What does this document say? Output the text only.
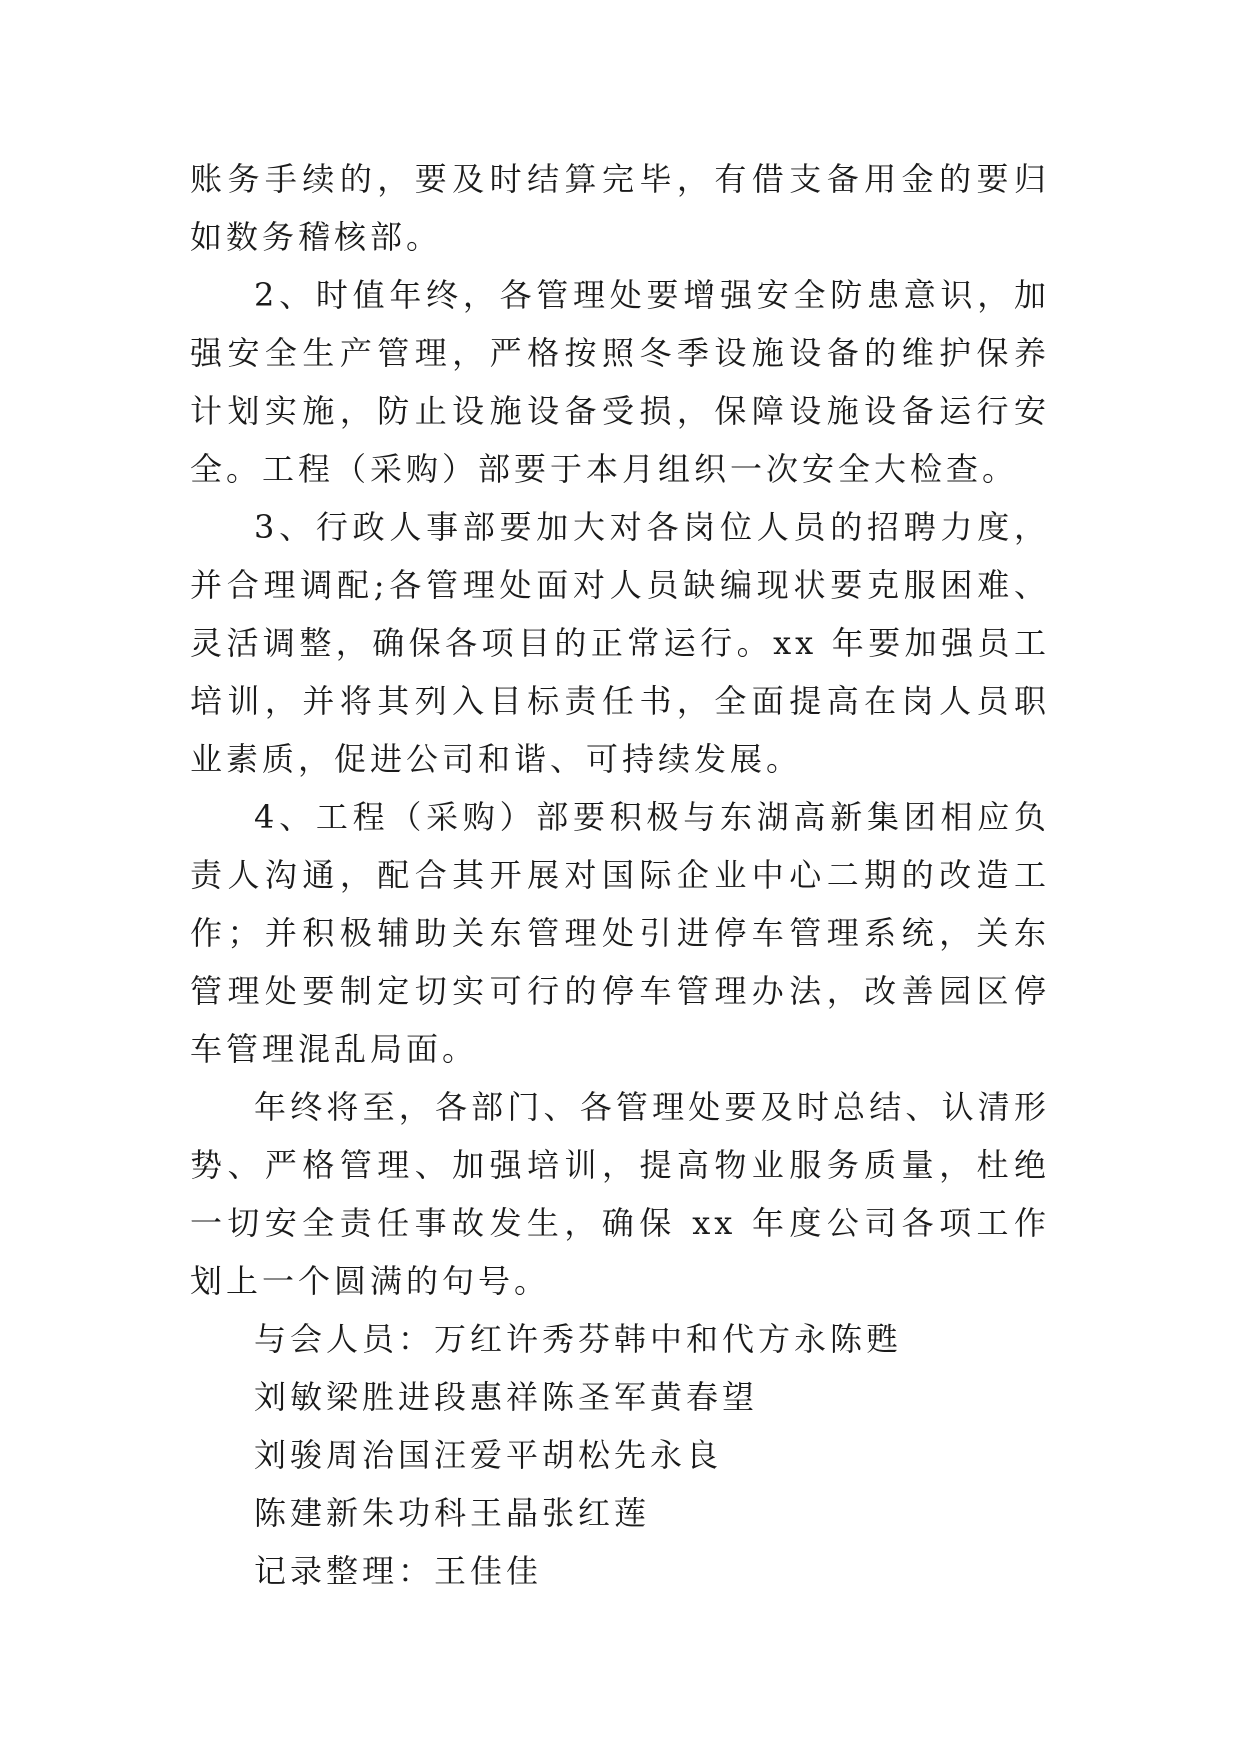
账务手续的，要及时结算完毕，有借支备用金的要归如数务稽核部。

2、时值年终，各管理处要增强安全防患意识，加强安全生产管理，严格按照冬季设施设备的维护保养计划实施，防止设施设备受损，保障设施设备运行安全。工程（采购）部要于本月组织一次安全大检查。

3、行政人事部要加大对各岗位人员的招聘力度，并合理调配;各管理处面对人员缺编现状要克服困难、灵活调整，确保各项目的正常运行。xx 年要加强员工培训，并将其列入目标责任书，全面提高在岗人员职业素质，促进公司和谐、可持续发展。

4、工程（采购）部要积极与东湖高新集团相应负责人沟通，配合其开展对国际企业中心二期的改造工作；并积极辅助关东管理处引进停车管理系统，关东管理处要制定切实可行的停车管理办法，改善园区停车管理混乱局面。

年终将至，各部门、各管理处要及时总结、认清形势、严格管理、加强培训，提高物业服务质量，杜绝一切安全责任事故发生，确保 xx 年度公司各项工作划上一个圆满的句号。

与会人员：万红许秀芬韩中和代方永陈甦

刘敏梁胜进段惠祥陈圣军黄春望

刘骏周治国汪爱平胡松先永良

陈建新朱功科王晶张红莲

记录整理：王佳佳
